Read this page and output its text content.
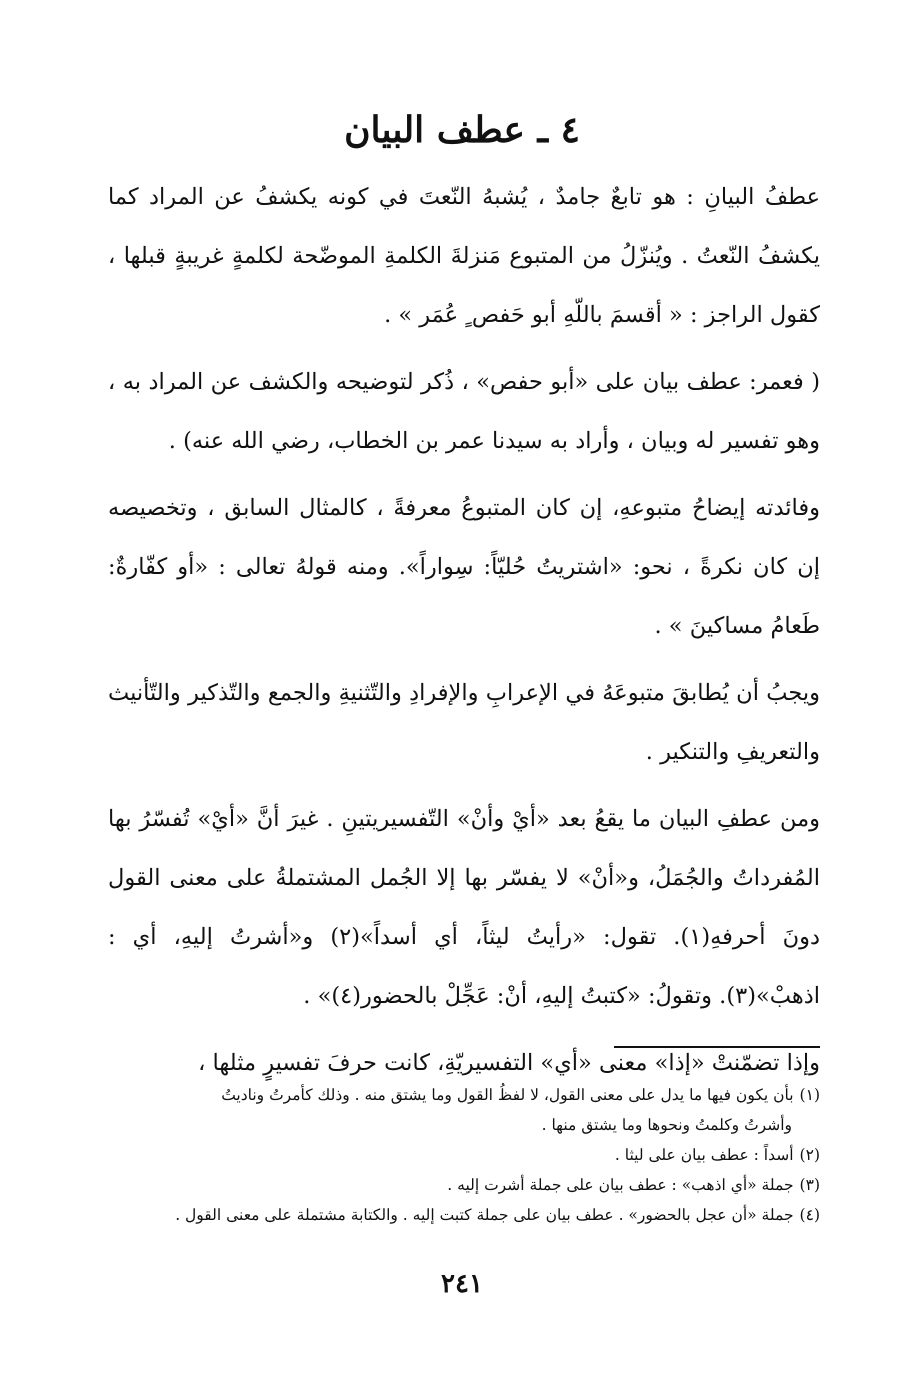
٤ ـ عطف البيان

عطفُ البيانِ : هو تابعٌ جامدٌ ، يُشبهُ النّعتَ في كونه يكشفُ عن المراد كما يكشفُ النّعتُ . ويُنزّلُ من المتبوع مَنزلةَ الكلمةِ الموضّحة لكلمةٍ غريبةٍ قبلها ، كقول الراجز : « أقسمَ باللّهِ أبو حَفص ٍ عُمَر » .

( فعمر: عطف بيان على «أبو حفص» ، ذُكر لتوضيحه والكشف عن المراد به ، وهو تفسير له وبيان ، وأراد به سيدنا عمر بن الخطاب، رضي الله عنه) .

وفائدته إيضاحُ متبوعهِ، إن كان المتبوعُ معرفةً ، كالمثال السابق ، وتخصيصه إن كان نكرةً ، نحو: «اشتريتُ حُليّاً: سِواراً». ومنه قولهُ تعالى : «أو كفّارةٌ: طَعامُ مساكينَ » .

ويجبُ أن يُطابقَ متبوعَهُ في الإعرابِ والإفرادِ والتّثنيةِ والجمع والتّذكير والتّأنيث والتعريفِ والتنكير .

ومن عطفِ البيان ما يقعُ بعد «أيْ وأنْ» التّفسيريتينِ . غيرَ أنَّ «أيْ» تُفسّرُ بها المُفرداتُ والجُمَلُ، و«أنْ» لا يفسّر بها إلا الجُمل المشتملةُ على معنى القول دونَ أحرفهِ(١). تقول: «رأيتُ ليثاً، أي أسداً»(٢) و«أشرتُ إليهِ، أي : اذهبْ»(٣). وتقولُ: «كتبتُ إليهِ، أنْ: عَجِّلْ بالحضور(٤)» .

وإذا تضمّنتْ «إذا» معنى «أي» التفسيريّةِ، كانت حرفَ تفسيرٍ مثلها ،

(١)بأن يكون فيها ما يدل على معنى القول، لا لفظُ القول وما يشتق منه . وذلك كأمرتُ وناديتُ

وأشرتُ وكلمتُ ونحوها وما يشتق منها .

(٢)أسداً : عطف بيان على ليثا .

(٣)جملة «أي اذهب» : عطف بيان على جملة أشرت إليه .

(٤)جملة «أن عجل بالحضور» . عطف بيان على جملة كتبت إليه . والكتابة مشتملة على معنى القول .

٢٤١
